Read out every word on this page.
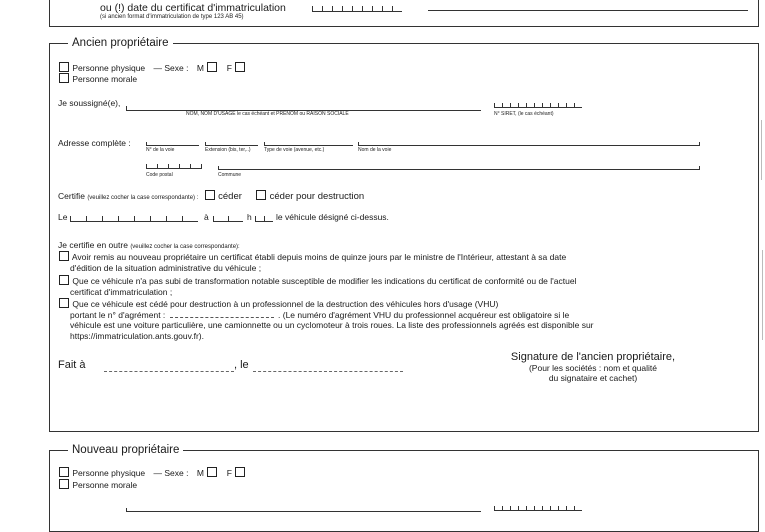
ou (!) date du certificat d'immatriculation
(si ancien format d'immatriculation de type 123 AB 45)
Ancien propriétaire
Personne physique — Sexe : M	F
Personne morale
Je soussigné(e),
NOM, NOM D'USAGE le cas échéant et PRÉNOM ou RAISON SOCIALE	N° SIRET, (le cas échéant)
Adresse complète :
N° de la voie	Extension (bis, ter,..)	Type de voie (avenue, etc.)	Nom de la voie
Code postal	Commune
Certifie (veuillez cocher la case correspondante) : céder	céder pour destruction
Le	à	h	le véhicule désigné ci-dessus.
Je certifie en outre (veuillez cocher la case correspondante):
Avoir remis au nouveau propriétaire un certificat établi depuis moins de quinze jours par le ministre de l'Intérieur, attestant à sa date
d'édition de la situation administrative du véhicule ;
Que ce véhicule n'a pas subi de transformation notable susceptible de modifier les indications du certificat de conformité ou de l'actuel
certificat d'immatriculation ;
Que ce véhicule est cédé pour destruction à un professionnel de la destruction des véhicules hors d'usage (VHU)
portant le n° d'agrément :	. (Le numéro d'agrément VHU du professionnel acquéreur est obligatoire si le
véhicule est une voiture particulière, une camionnette ou un cyclomoteur à trois roues. La liste des professionnels agréés est disponible sur
https://immatriculation.ants.gouv.fr).
Fait à	, le
Signature de l'ancien propriétaire,
(Pour les sociétés : nom et qualité
du signataire et cachet)
Nouveau propriétaire
Personne physique — Sexe : M	F
Personne morale
